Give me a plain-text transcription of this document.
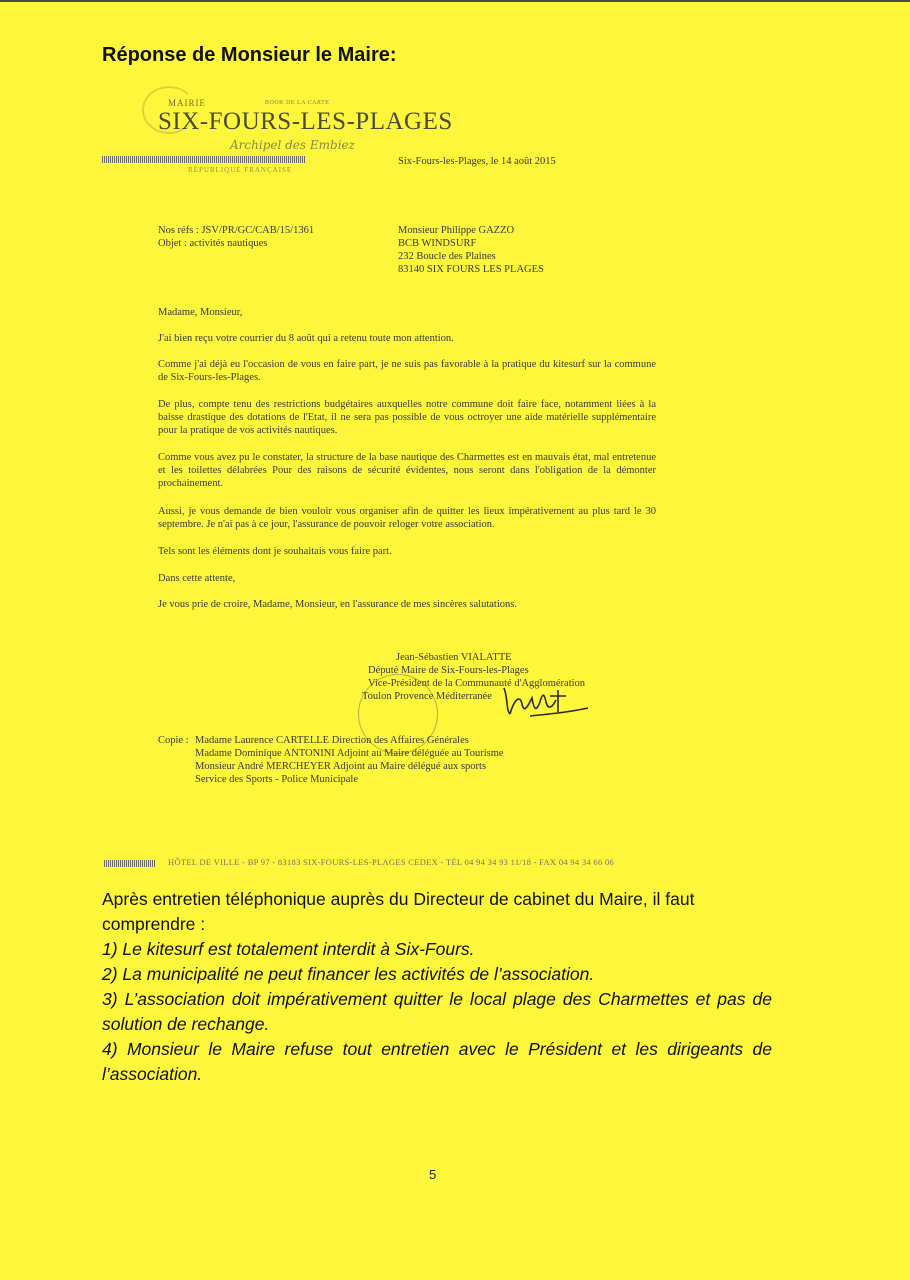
Réponse de Monsieur le Maire:
MAIRIE	BOOK DE LA CARTE
SIX-FOURS-LES-PLAGES
Archipel des Embiez
RÉPUBLIQUE FRANÇAISE
Six-Fours-les-Plages, le 14 août 2015
Nos réfs : JSV/PR/GC/CAB/15/1361
Objet : activités nautiques
Monsieur Philippe GAZZO
BCB WINDSURF
232 Boucle des Plaines
83140 SIX FOURS LES PLAGES
Madame, Monsieur,
J'ai bien reçu votre courrier du 8 août qui a retenu toute mon attention.
Comme j'ai déjà eu l'occasion de vous en faire part, je ne suis pas favorable à la pratique du kitesurf sur la commune de Six-Fours-les-Plages.
De plus, compte tenu des restrictions budgétaires auxquelles notre commune doit faire face, notamment liées à la baisse drastique des dotations de l'Etat, il ne sera pas possible de vous octroyer une aide matérielle supplémentaire pour la pratique de vos activités nautiques.
Comme vous avez pu le constater, la structure de la base nautique des Charmettes est en mauvais état, mal entretenue et les toilettes délabrées Pour des raisons de sécurité évidentes, nous seront dans l'obligation de la démonter prochainement.
Aussi, je vous demande de bien vouloir vous organiser afin de quitter les lieux impérativement au plus tard le 30 septembre. Je n'ai pas à ce jour, l'assurance de pouvoir reloger votre association.
Tels sont les éléments dont je souhaitais vous faire part.
Dans cette attente,
Je vous prie de croire, Madame, Monsieur, en l'assurance de mes sincères salutations.
Jean-Sébastien VIALATTE
Député Maire de Six-Fours-les-Plages
Vice-Président de la Communauté d'Agglomération
Toulon Provence Méditerranée
Copie : Madame Laurence CARTELLE Direction des Affaires Générales
Madame Dominique ANTONINI Adjoint au Maire déléguée au Tourisme
Monsieur André MERCHEYER Adjoint au Maire délégué aux sports
Service des Sports - Police Municipale
HÔTEL DE VILLE - BP 97 - 83183 SIX-FOURS-LES-PLAGES CEDEX - TÉL 04 94 34 93 11/18 - FAX 04 94 34 66 06
Après entretien téléphonique auprès du Directeur de cabinet du Maire, il faut comprendre :
1) Le kitesurf est totalement interdit à Six-Fours.
2) La municipalité ne peut financer les activités de l’association.
3) L’association doit impérativement quitter le local plage des Charmettes et pas de solution de rechange.
4) Monsieur le Maire refuse tout entretien avec le Président et les dirigeants de l’association.
5
